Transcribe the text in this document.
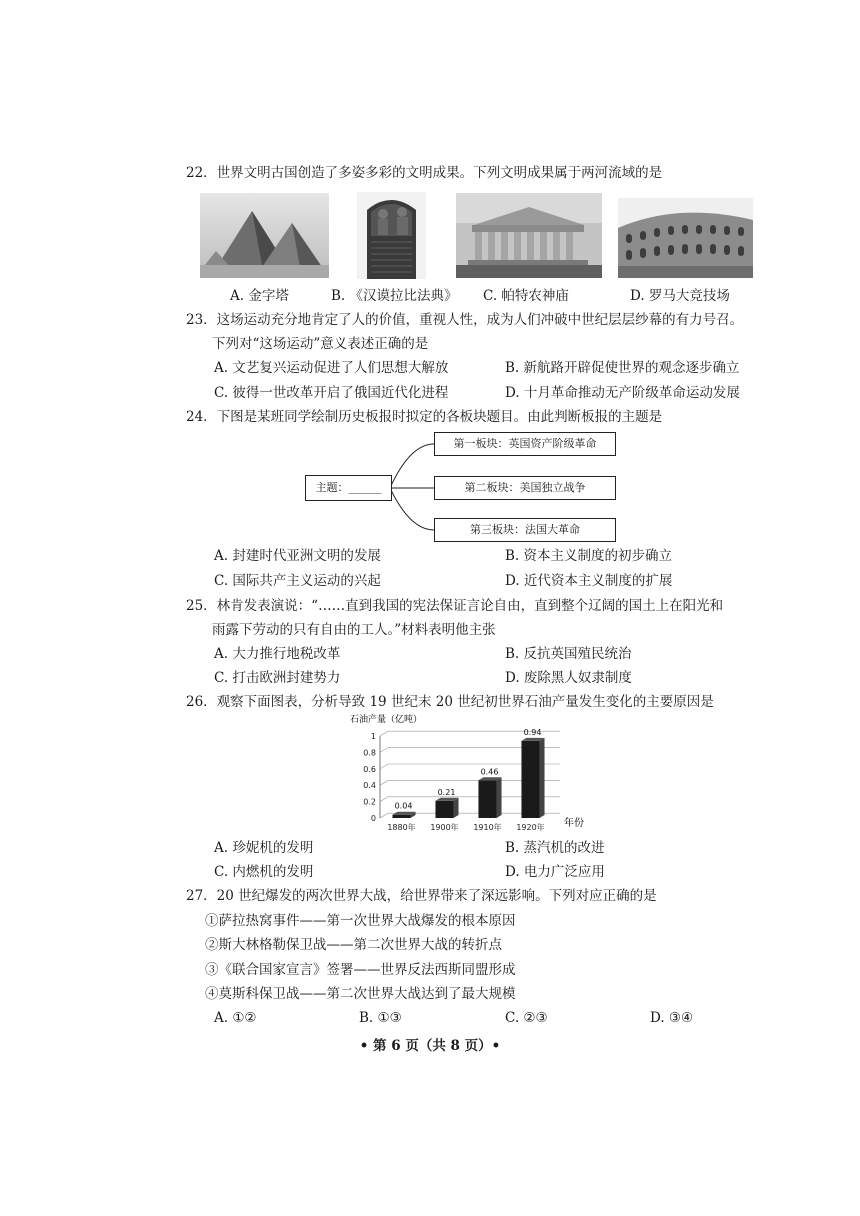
22．世界文明古国创造了多姿多彩的文明成果。下列文明成果属于两河流域的是
A. 金字塔	B. 《汉谟拉比法典》 C. 帕特农神庙	D. 罗马大竞技场
23．这场运动充分地肯定了人的价值，重视人性，成为人们冲破中世纪层层纱幕的有力号召。
下列对“这场运动”意义表述正确的是
A. 文艺复兴运动促进了人们思想大解放	B. 新航路开辟促使世界的观念逐步确立
C. 彼得一世改革开启了俄国近代化进程	D. 十月革命推动无产阶级革命运动发展
24．下图是某班同学绘制历史板报时拟定的各板块题目。由此判断板报的主题是
主题：______
第一板块：英国资产阶级革命
第二板块：美国独立战争
第三板块：法国大革命
A. 封建时代亚洲文明的发展	B. 资本主义制度的初步确立
C. 国际共产主义运动的兴起	D. 近代资本主义制度的扩展
25．林肯发表演说：“……直到我国的宪法保证言论自由，直到整个辽阔的国土上在阳光和
雨露下劳动的只有自由的工人。”材料表明他主张
A. 大力推行地税改革	B. 反抗英国殖民统治
C. 打击欧洲封建势力	D. 废除黑人奴隶制度
26．观察下面图表，分析导致 19 世纪末 20 世纪初世界石油产量发生变化的主要原因是
石油产量（亿吨）
年份
0
0.2
0.4
0.6
0.8
1
0.04
1880年
0.21
1900年
0.46
1910年
0.94
1920年
A. 珍妮机的发明	B. 蒸汽机的改进
C. 内燃机的发明	D. 电力广泛应用
27．20 世纪爆发的两次世界大战，给世界带来了深远影响。下列对应正确的是
①萨拉热窝事件——第一次世界大战爆发的根本原因
②斯大林格勒保卫战——第二次世界大战的转折点
③《联合国家宣言》签署——世界反法西斯同盟形成
④莫斯科保卫战——第二次世界大战达到了最大规模
A. ①②	B. ①③	C. ②③	D. ③④
• 第 6 页（共 8 页）•
